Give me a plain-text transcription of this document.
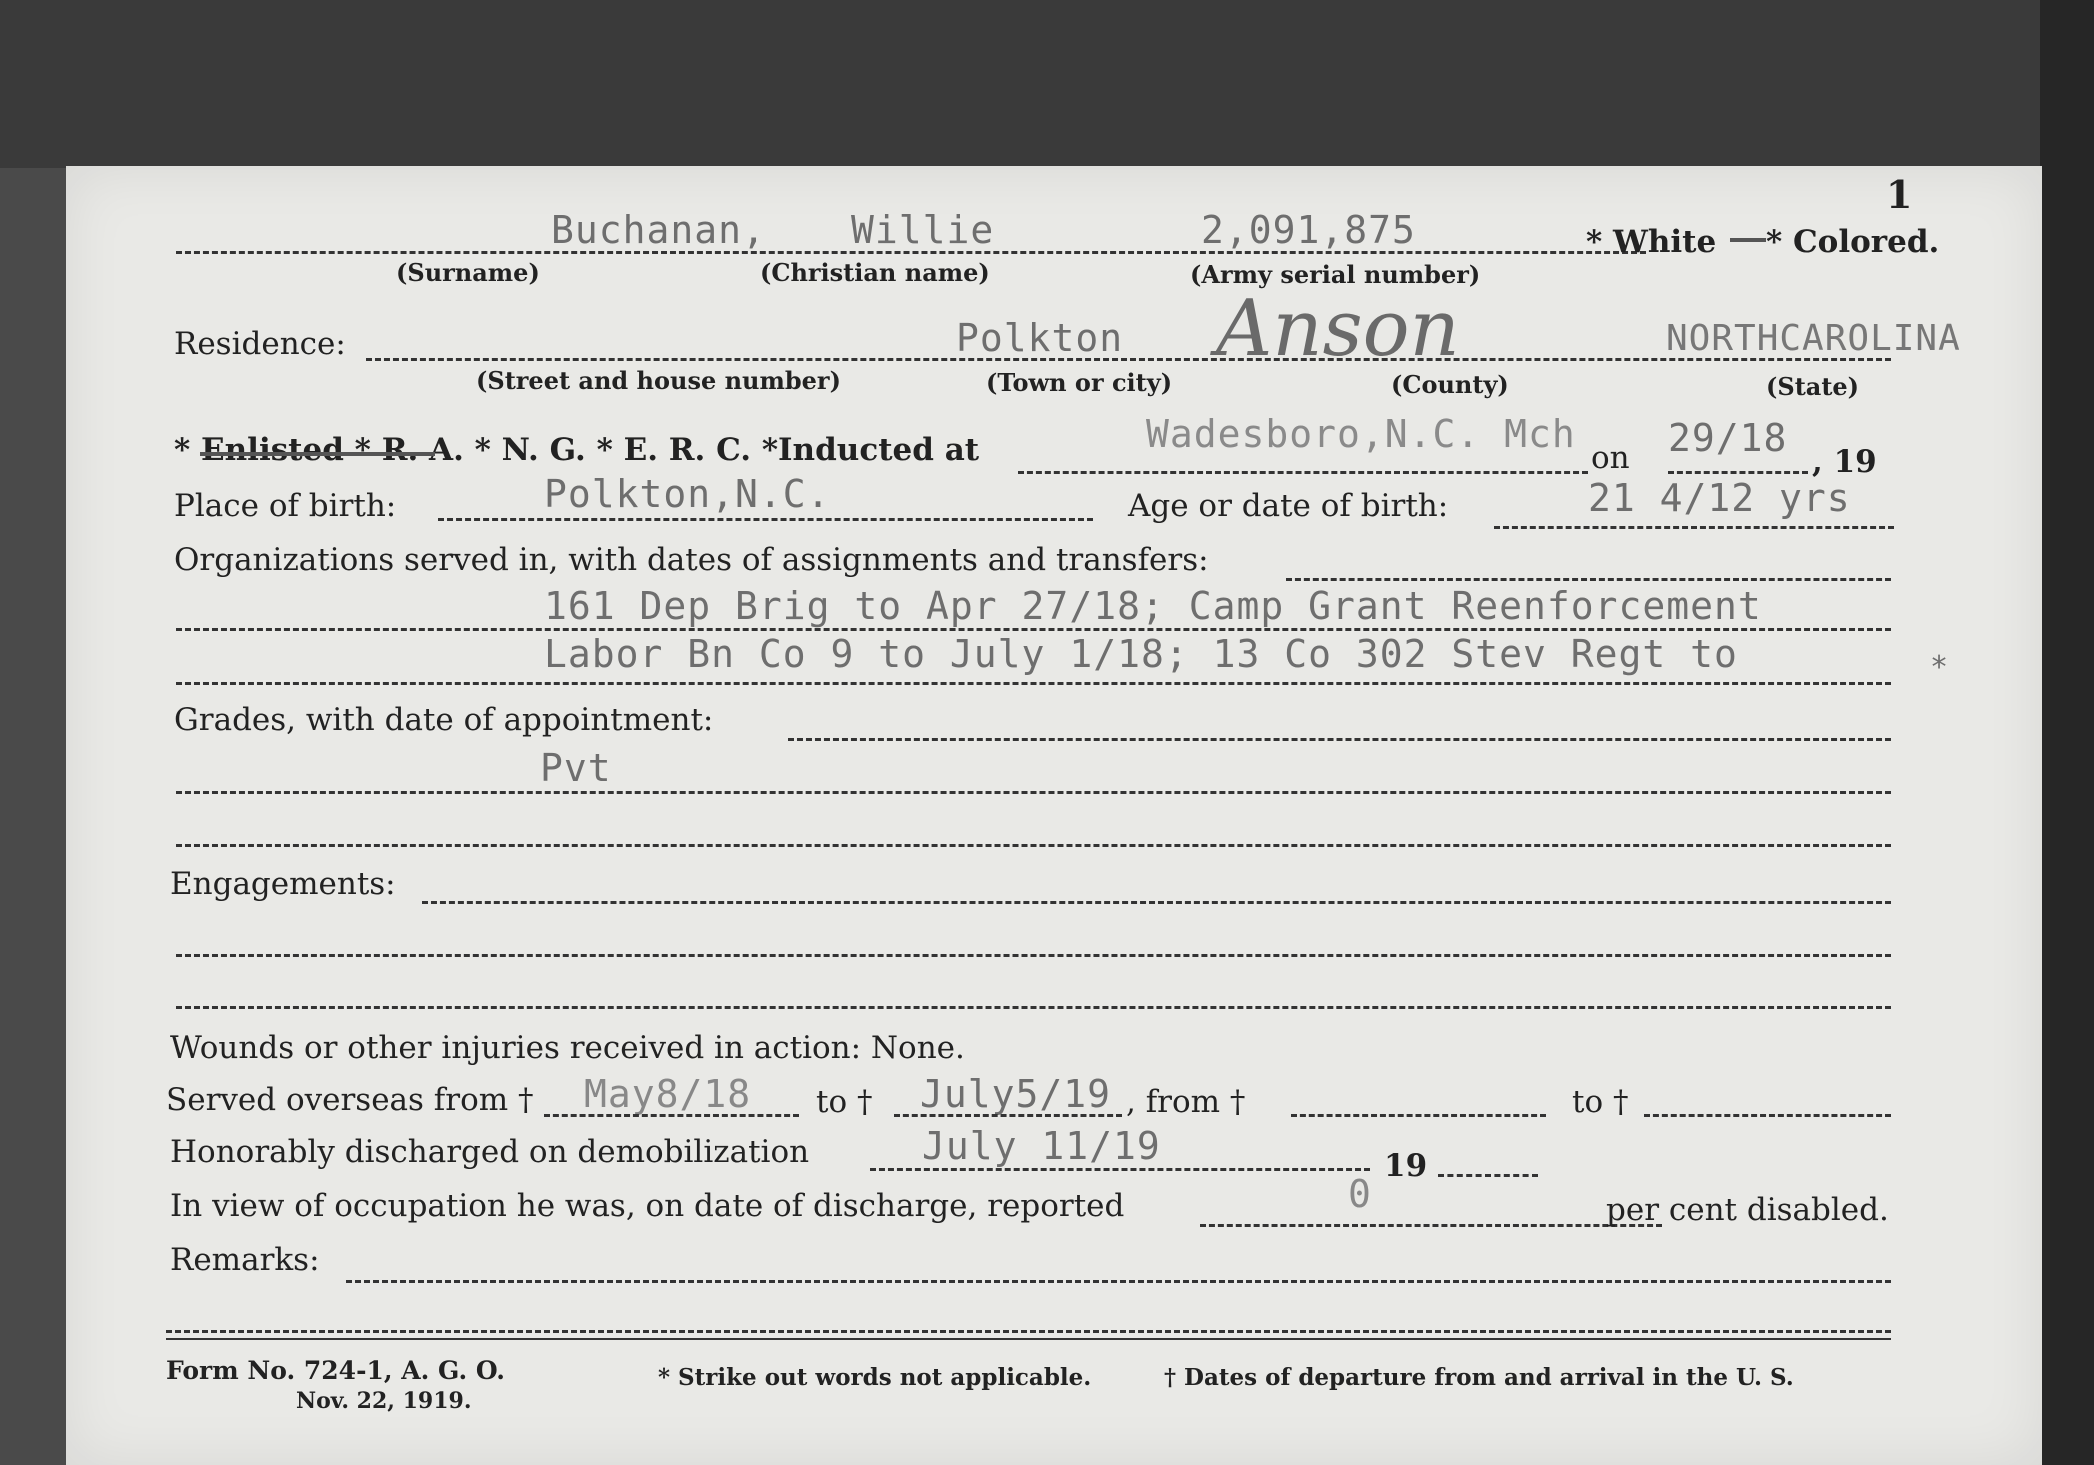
1
Buchanan, Willie	2,091,875	* White * Colored.
(Surname)	(Christian name)	(Army serial number)
Residence:	Polkton Anson	NORTHCAROLINA
(Street and house number)	(Town or city)	(County)	(State)
* Enlisted * R. A. * N. G. * E. R. C. *Inducted at	Wadesboro,N.C. Mch
on 29/18
, 19
Place of birth:	Polkton,N.C.	Age or date of birth:	21 4/12 yrs
Organizations served in, with dates of assignments and transfers:
161 Dep Brig to Apr 27/18; Camp Grant Reenforcement
Labor Bn Co 9 to July 1/18; 13 Co 302 Stev Regt to	*
Grades, with date of appointment:
Pvt
Engagements:
Wounds or other injuries received in action: None.
Served overseas from † May8/18 to † July5/19 , from †	to †
Honorably discharged on demobilization	July 11/19	19
In view of occupation he was, on date of discharge, reported	0	per cent disabled.
Remarks:
Form No. 724-1, A. G. O.
Nov. 22, 1919.
* Strike out words not applicable.	† Dates of departure from and arrival in the U. S.
